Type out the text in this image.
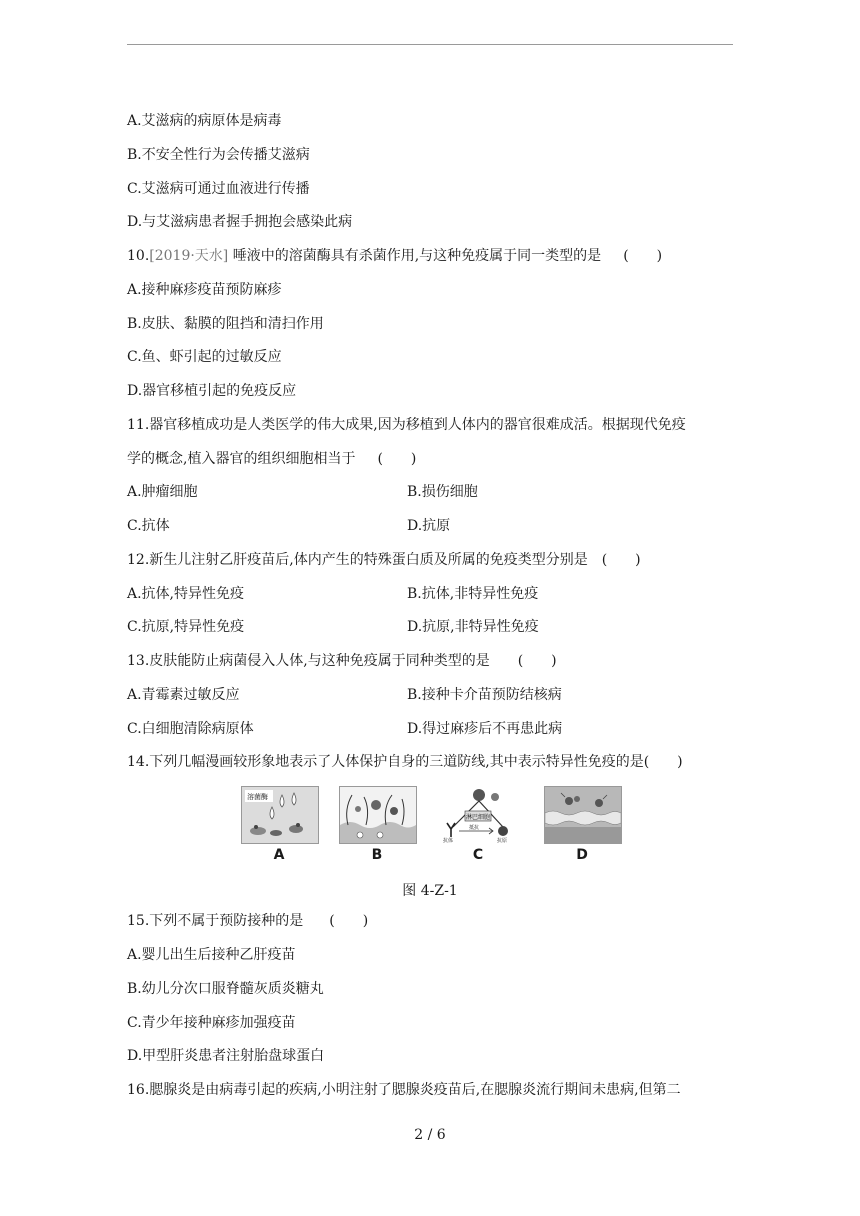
A.艾滋病的病原体是病毒
B.不安全性行为会传播艾滋病
C.艾滋病可通过血液进行传播
D.与艾滋病患者握手拥抱会感染此病
10.[2019·天水] 唾液中的溶菌酶具有杀菌作用,与这种免疫属于同一类型的是 (　　)
A.接种麻疹疫苗预防麻疹
B.皮肤、黏膜的阻挡和清扫作用
C.鱼、虾引起的过敏反应
D.器官移植引起的免疫反应
11.器官移植成功是人类医学的伟大成果,因为移植到人体内的器官很难成活。根据现代免疫
学的概念,植入器官的组织细胞相当于 (　　)
A.肿瘤细胞	B.损伤细胞
C.抗体	D.抗原
12.新生儿注射乙肝疫苗后,体内产生的特殊蛋白质及所属的免疫类型分别是 (　　)
A.抗体,特异性免疫	B.抗体,非特异性免疫
C.抗原,特异性免疫	D.抗原,非特异性免疫
13.皮肤能防止病菌侵入人体,与这种免疫属于同种类型的是 (　　)
A.青霉素过敏反应	B.接种卡介苗预防结核病
C.白细胞清除病原体	D.得过麻疹后不再患此病
14.下列几幅漫画较形象地表示了人体保护自身的三道防线,其中表示特异性免疫的是(　　)
溶菌酶
A	B
淋巴细胞
抗体
抵抗
抗原
C	D
图 4-Z-1
15.下列不属于预防接种的是 (　　)
A.婴儿出生后接种乙肝疫苗
B.幼儿分次口服脊髓灰质炎糖丸
C.青少年接种麻疹加强疫苗
D.甲型肝炎患者注射胎盘球蛋白
16.腮腺炎是由病毒引起的疾病,小明注射了腮腺炎疫苗后,在腮腺炎流行期间未患病,但第二
2 / 6
